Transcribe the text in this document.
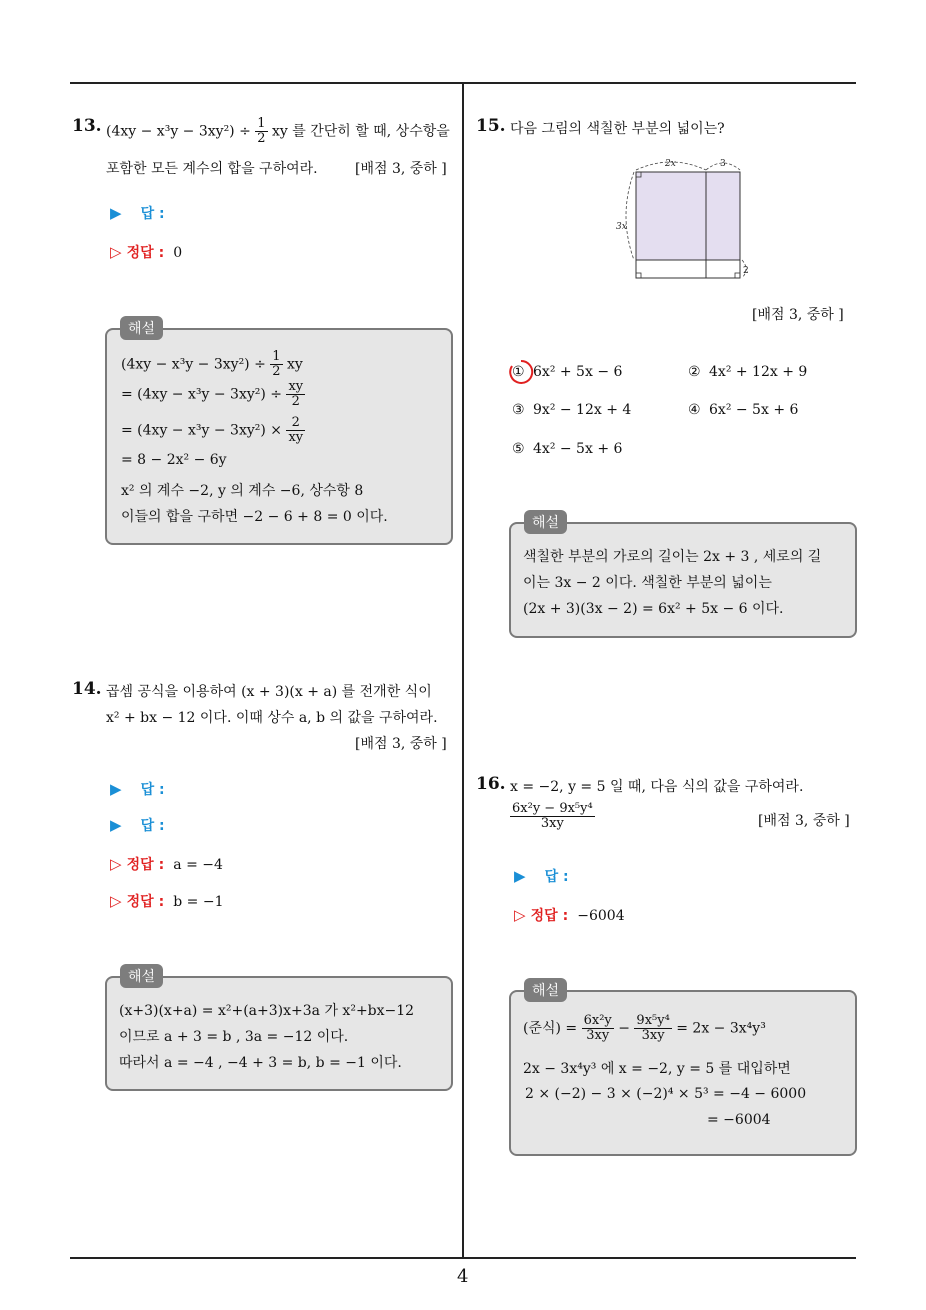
4
13. $(4xy - x^3y - 3xy^2) \div \frac{1}{2}$ xy 를 간단히 할 때, 상수항을
포함한 모든 계수의 합을 구하여라.	[배점 3, 중하 ]
▶ 답 :
▷ 정답 : 0
$(4xy - x^3y - 3xy^2) \div \frac{1}{2}$ xy
= $(4xy - x^3y - 3xy^2) \div \frac{xy}{2}$
= $(4xy - x^3y - 3xy^2) \times \frac{2}{xy}$
= 8 − 2x² − 6y
x² 의 계수 −2, y 의 계수 −6, 상수항 8
이들의 합을 구하면 −2 − 6 + 8 = 0 이다.
해설
14. 곱셈 공식을 이용하여 (x + 3)(x + a) 를 전개한 식이
x² + bx − 12 이다. 이때 상수 a, b 의 값을 구하여라.
[배점 3, 중하 ]
▶ 답 :
▶ 답 :
▷ 정답 : a = −4
▷ 정답 : b = −1
(x+3)(x+a) = x²+(a+3)x+3a 가 x²+bx−12
이므로 a + 3 = b , 3a = −12 이다.
따라서 a = −4 , −4 + 3 = b, b = −1 이다.
해설
15. 다음 그림의 색칠한 부분의 넓이는?
2x	3
3x
2
[배점 3, 중하 ]
① 6x² + 5x − 6	② 4x² + 12x + 9
③ 9x² − 12x + 4	④ 6x² − 5x + 6
⑤ 4x² − 5x + 6
색칠한 부분의 가로의 길이는 2x + 3 , 세로의 길
이는 3x − 2 이다. 색칠한 부분의 넓이는
(2x + 3)(3x − 2) = 6x² + 5x − 6 이다.
해설
16. x = −2, y = 5 일 때, 다음 식의 값을 구하여라.
$\frac{\text{6x²y − 9x⁵y⁴}}{3xy}$	[배점 3, 중하 ]
▶ 답 :
▷ 정답 : −6004
(준식) = $\frac{\text{6x²y}}{3xy} - \frac{\text{9x⁵y⁴}}{3xy} = 2x - 3x^4y^3$
2x − 3x⁴y³ 에 x = −2, y = 5 를 대입하면
2 × (−2) − 3 × (−2)⁴ × 5³ = −4 − 6000
= −6004
해설
